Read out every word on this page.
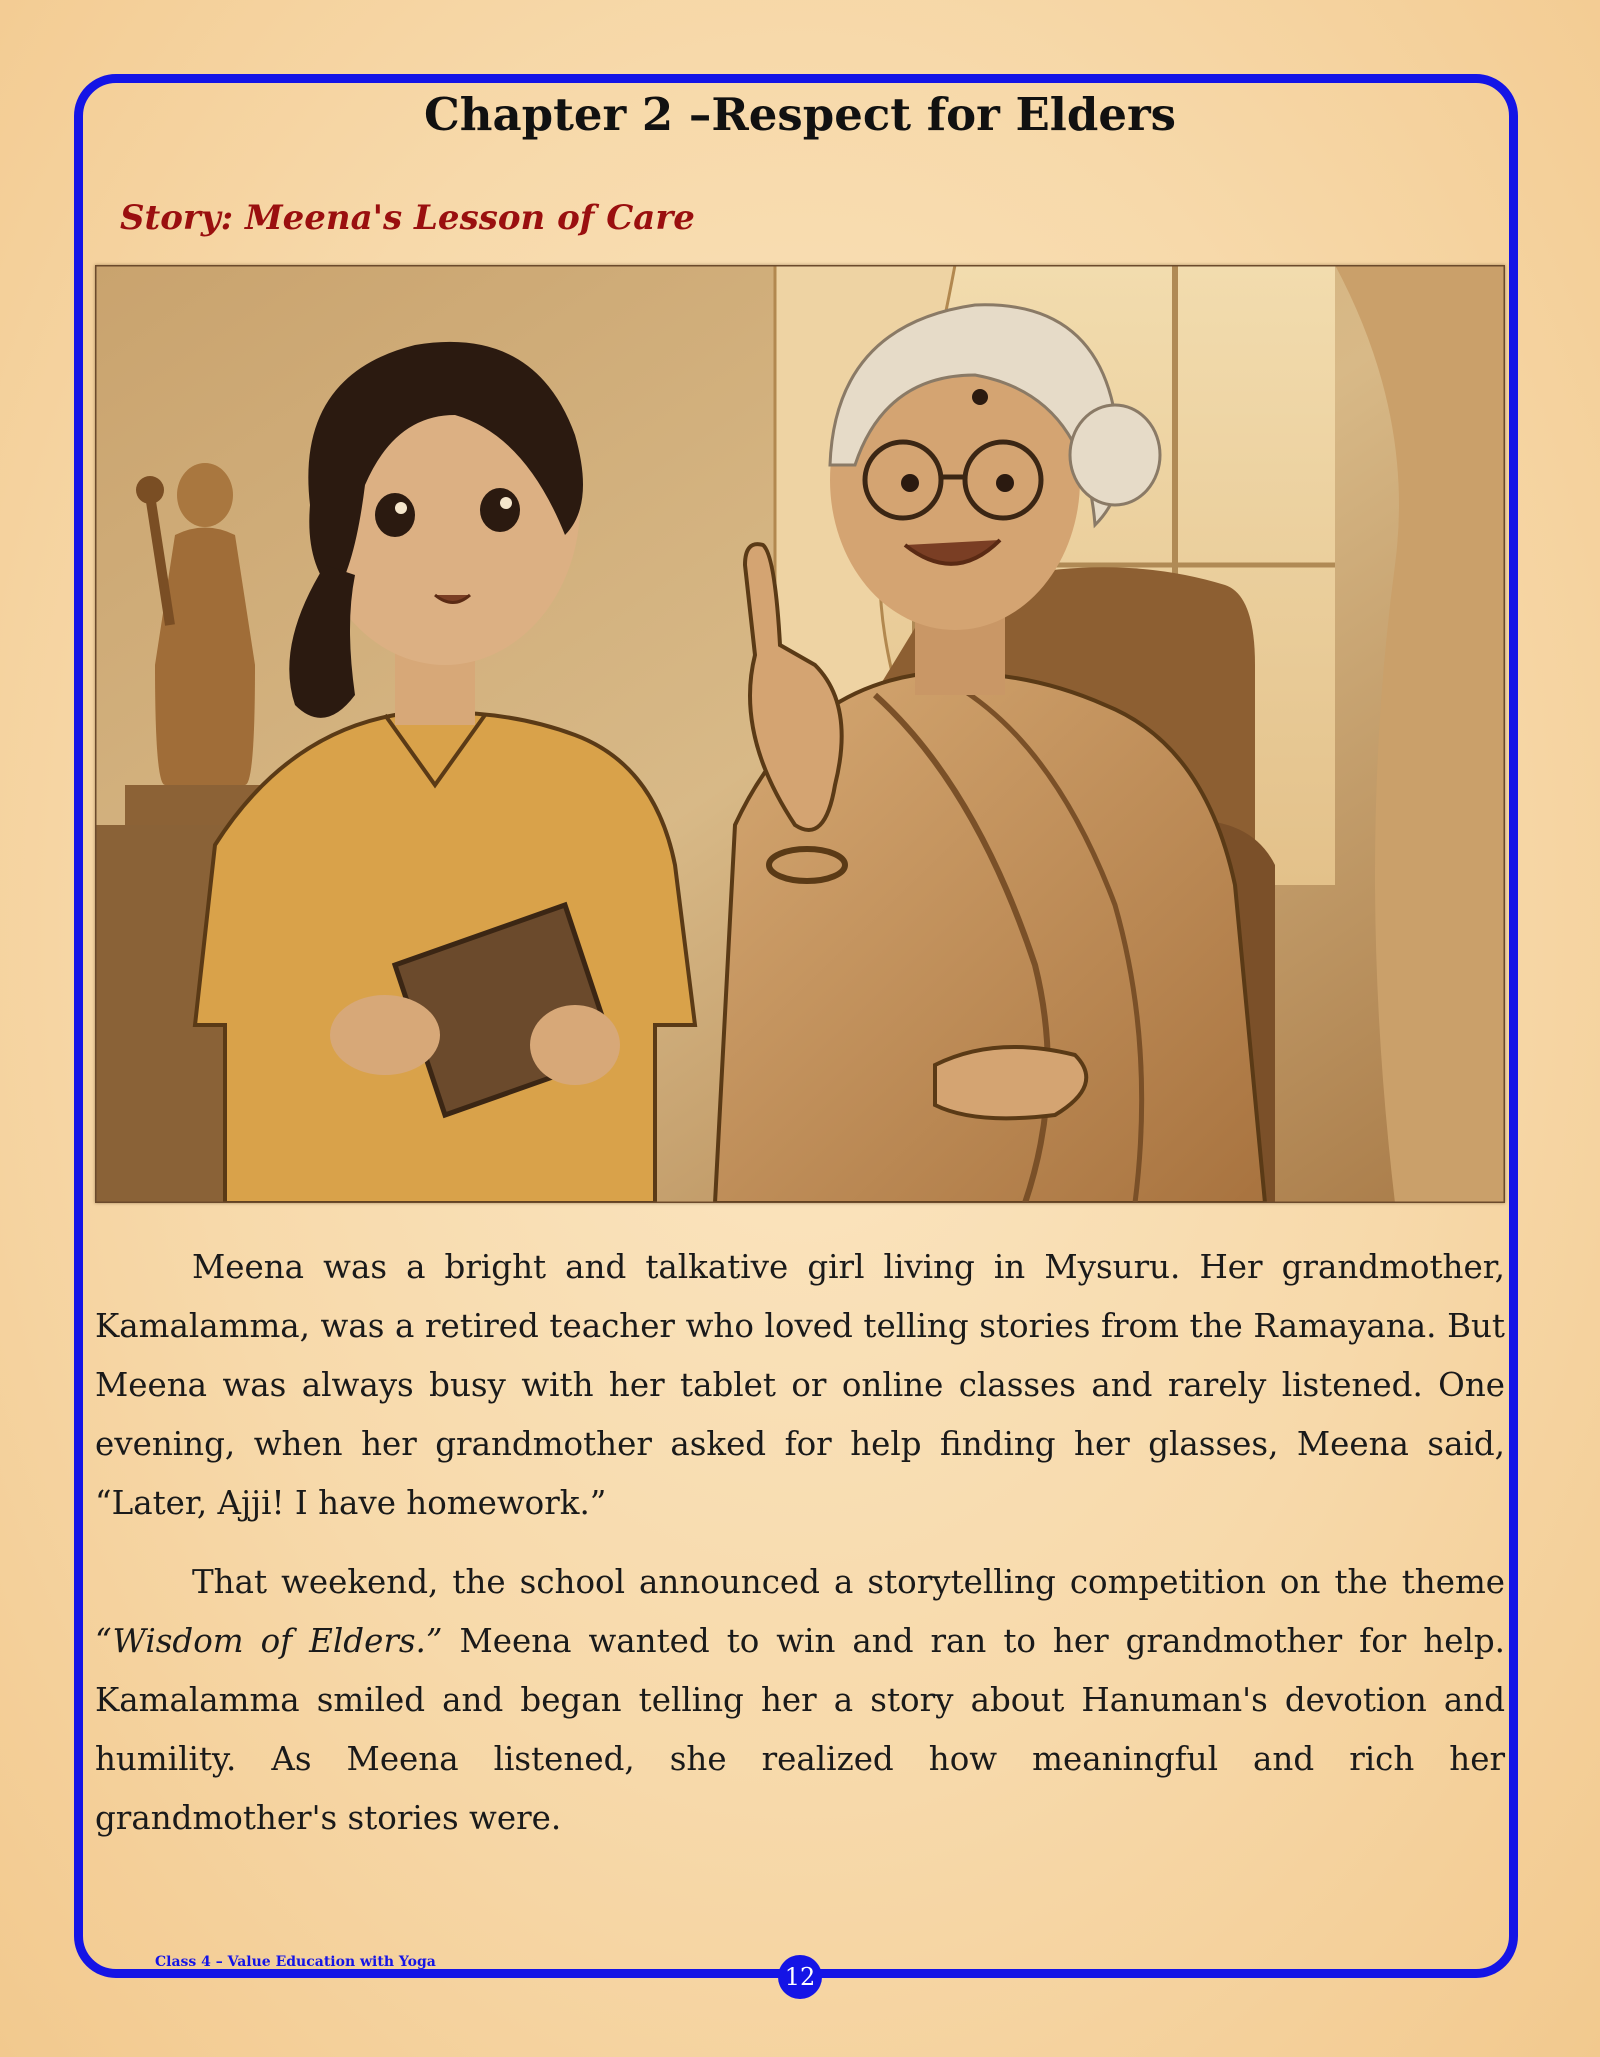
Chapter 2 –Respect for Elders
Story: Meena's Lesson of Care

Meena was a bright and talkative girl living in Mysuru. Her grandmother, Kamalamma, was a retired teacher who loved telling stories from the Ramayana. But Meena was always busy with her tablet or online classes and rarely listened. One evening, when her grandmother asked for help finding her glasses, Meena said, “Later, Ajji! I have homework.”

That weekend, the school announced a storytelling competition on the theme “Wisdom of Elders.” Meena wanted to win and ran to her grandmother for help. Kamalamma smiled and began telling her a story about Hanuman's devotion and humility. As Meena listened, she realized how meaningful and rich her grandmother's stories were.

Class 4 – Value Education with Yoga
12
